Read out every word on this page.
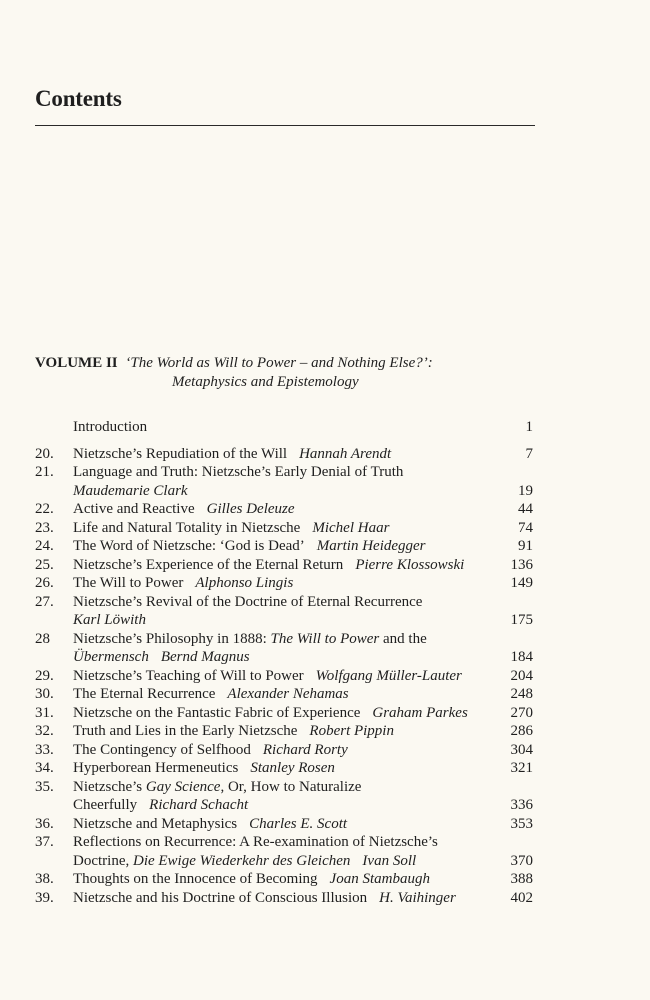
Contents
VOLUME II ‘The World as Will to Power – and Nothing Else?’:
Metaphysics and Epistemology
Introduction	1
20.	Nietzsche’s Repudiation of the Will Hannah Arendt	7
21.	Language and Truth: Nietzsche’s Early Denial of Truth
Maudemarie Clark	19
22.	Active and Reactive Gilles Deleuze	44
23.	Life and Natural Totality in Nietzsche Michel Haar	74
24.	The Word of Nietzsche: ‘God is Dead’ Martin Heidegger	91
25.	Nietzsche’s Experience of the Eternal Return Pierre Klossowski	136
26.	The Will to Power Alphonso Lingis	149
27.	Nietzsche’s Revival of the Doctrine of Eternal Recurrence
Karl Löwith	175
28	Nietzsche’s Philosophy in 1888: The Will to Power and the
Übermensch Bernd Magnus	184
29.	Nietzsche’s Teaching of Will to Power Wolfgang Müller-Lauter	204
30.	The Eternal Recurrence Alexander Nehamas	248
31.	Nietzsche on the Fantastic Fabric of Experience Graham Parkes	270
32.	Truth and Lies in the Early Nietzsche Robert Pippin	286
33.	The Contingency of Selfhood Richard Rorty	304
34.	Hyperborean Hermeneutics Stanley Rosen	321
35.	Nietzsche’s Gay Science, Or, How to Naturalize
Cheerfully Richard Schacht	336
36.	Nietzsche and Metaphysics Charles E. Scott	353
37.	Reflections on Recurrence: A Re-examination of Nietzsche’s
Doctrine, Die Ewige Wiederkehr des Gleichen Ivan Soll	370
38.	Thoughts on the Innocence of Becoming Joan Stambaugh	388
39.	Nietzsche and his Doctrine of Conscious Illusion H. Vaihinger	402
